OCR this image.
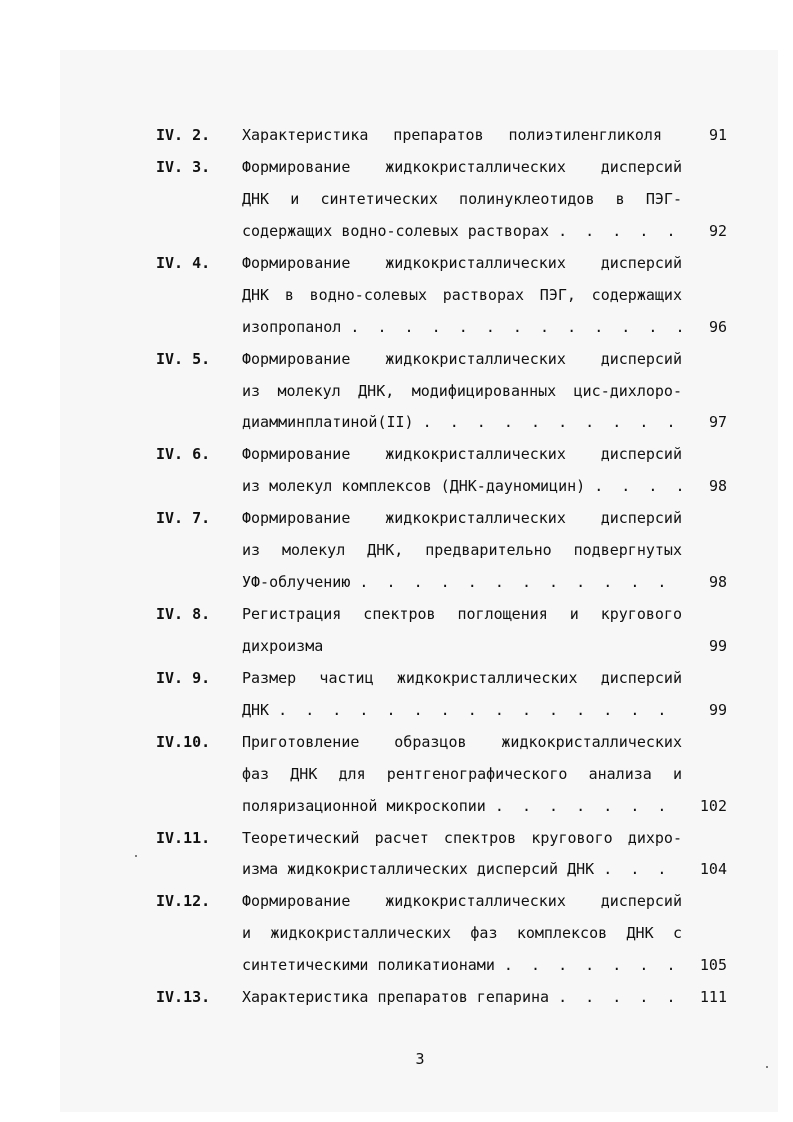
IV. 2. Характеристика препаратов полиэтиленгликоля	91
IV. 3. Формирование жидкокристаллических дисперсий
ДНК и синтетических полинуклеотидов в ПЭГ-
содержащих водно-солевых растворах . .	92
IV. 4. Формирование жидкокристаллических дисперсий
ДНК в водно-солевых растворах ПЭГ, содержащих
изопропанол . .	96
IV. 5. Формирование жидкокристаллических дисперсий
из молекул ДНК, модифицированных цис-дихлоро-
диамминплатиной(II) . .	97
IV. 6. Формирование жидкокристаллических дисперсий
из молекул комплексов (ДНК-дауномицин) . .	98
IV. 7. Формирование жидкокристаллических дисперсий
из молекул ДНК, предварительно подвергнутых
УФ-облучению . .	98
IV. 8. Регистрация спектров поглощения и кругового
дихроизма	99
IV. 9. Размер частиц жидкокристаллических дисперсий
ДНК . .	99
IV.10. Приготовление образцов жидкокристаллических
фаз ДНК для рентгенографического анализа и
поляризационной микроскопии . .	102
IV.11. Теоретический расчет спектров кругового дихро-
изма жидкокристаллических дисперсий ДНК . .	104
IV.12. Формирование жидкокристаллических дисперсий
и жидкокристаллических фаз комплексов ДНК с
синтетическими поликатионами . .	105
IV.13. Характеристика препаратов гепарина . .	111
3
